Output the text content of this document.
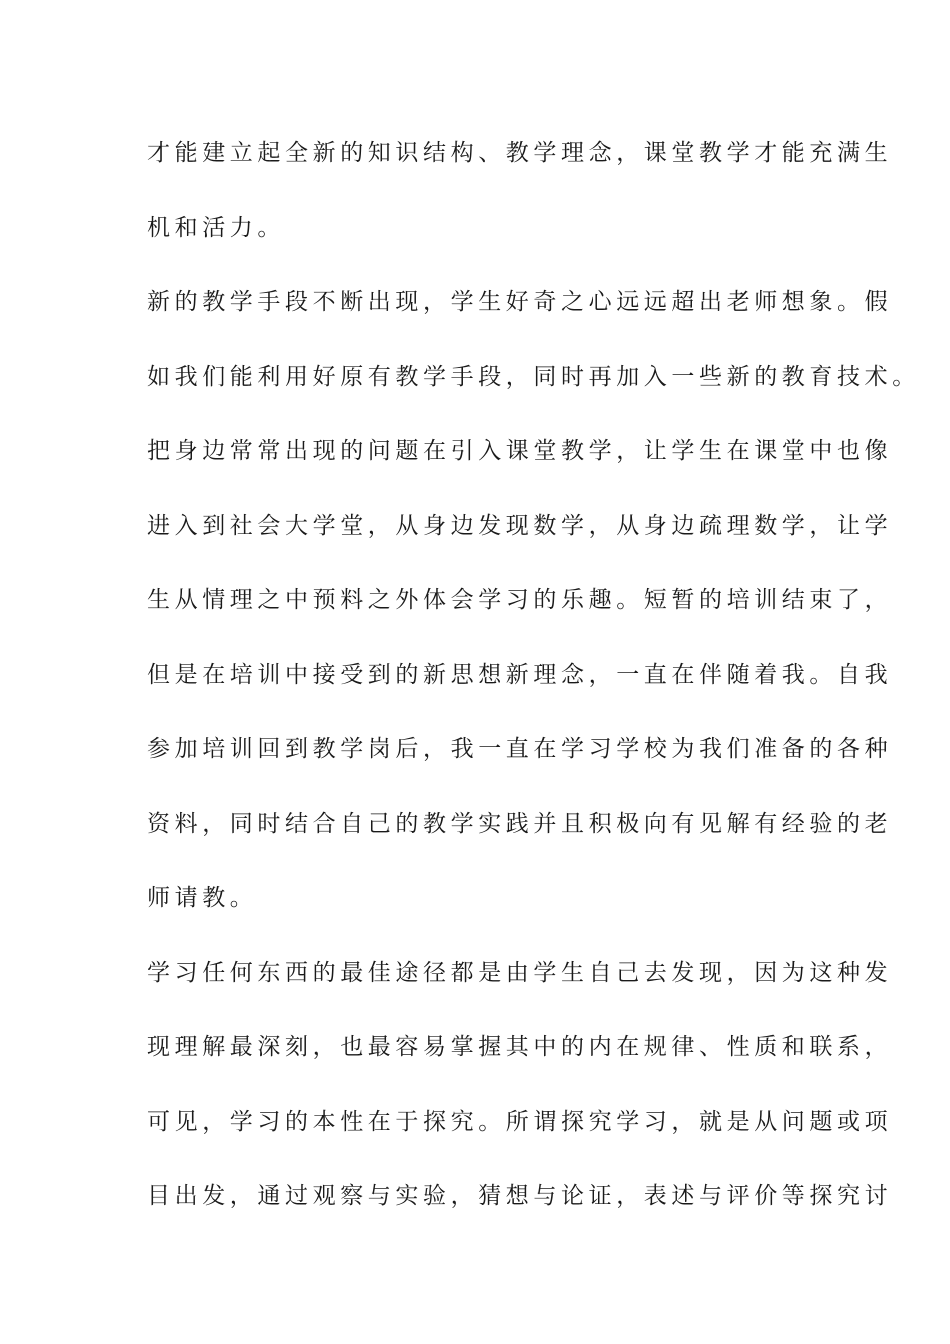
才能建立起全新的知识结构、教学理念，课堂教学才能充满生
机和活力。
新的教学手段不断出现，学生好奇之心远远超出老师想象。假
如我们能利用好原有教学手段，同时再加入一些新的教育技术。
把身边常常出现的问题在引入课堂教学，让学生在课堂中也像
进入到社会大学堂，从身边发现数学，从身边疏理数学，让学
生从情理之中预料之外体会学习的乐趣。短暂的培训结束了，
但是在培训中接受到的新思想新理念，一直在伴随着我。自我
参加培训回到教学岗后，我一直在学习学校为我们准备的各种
资料，同时结合自己的教学实践并且积极向有见解有经验的老
师请教。
学习任何东西的最佳途径都是由学生自己去发现，因为这种发
现理解最深刻，也最容易掌握其中的内在规律、性质和联系，
可见，学习的本性在于探究。所谓探究学习，就是从问题或项
目出发，通过观察与实验，猜想与论证，表述与评价等探究讨
